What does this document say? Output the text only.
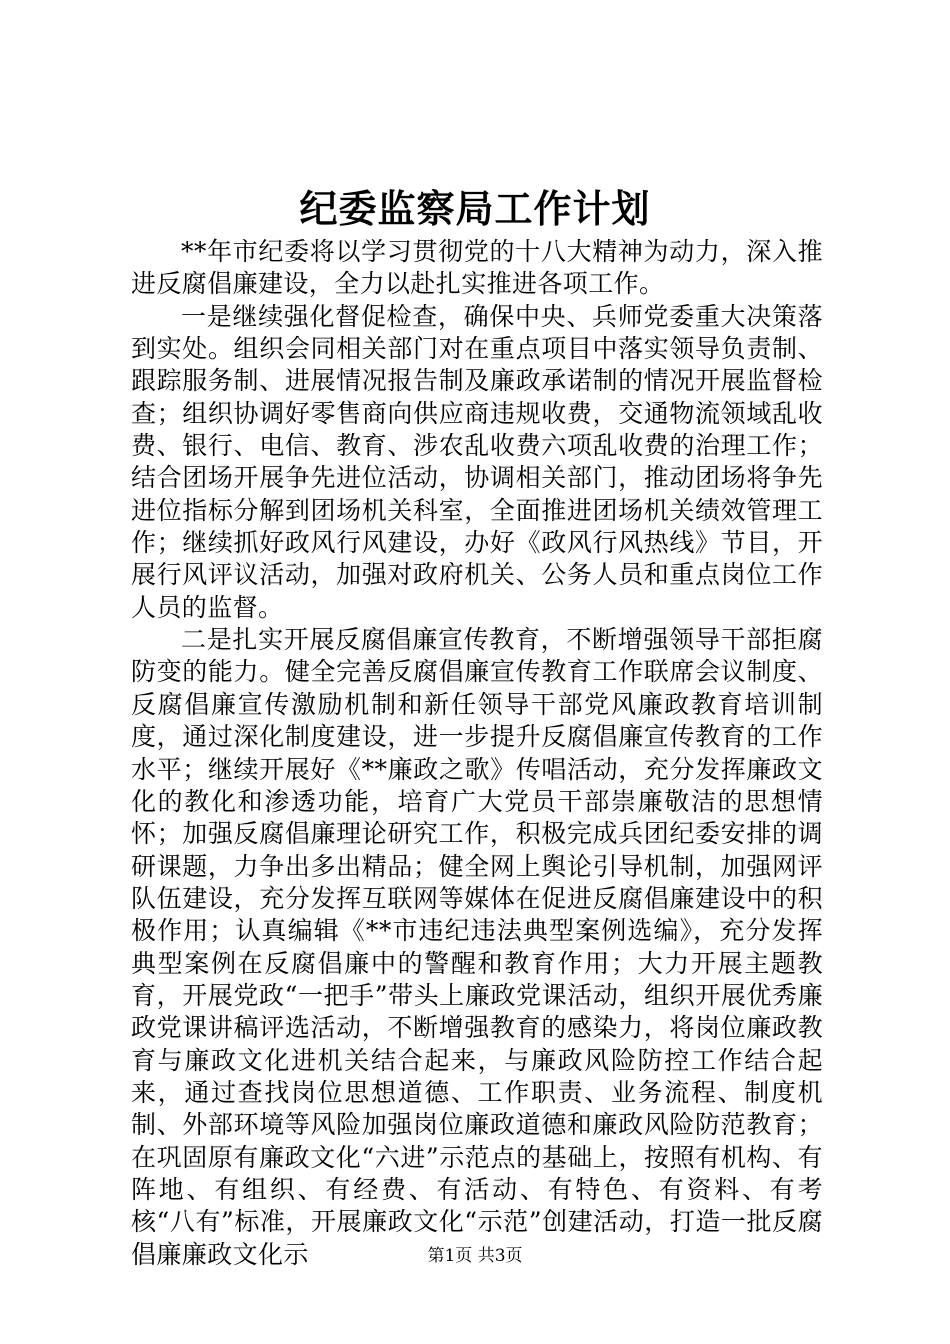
纪委监察局工作计划

**年市纪委将以学习贯彻党的十八大精神为动力，深入推进反腐倡廉建设，全力以赴扎实推进各项工作。

一是继续强化督促检查，确保中央、兵师党委重大决策落到实处。组织会同相关部门对在重点项目中落实领导负责制、跟踪服务制、进展情况报告制及廉政承诺制的情况开展监督检查；组织协调好零售商向供应商违规收费，交通物流领域乱收费、银行、电信、教育、涉农乱收费六项乱收费的治理工作；结合团场开展争先进位活动，协调相关部门，推动团场将争先进位指标分解到团场机关科室，全面推进团场机关绩效管理工作；继续抓好政风行风建设，办好《政风行风热线》节目，开展行风评议活动，加强对政府机关、公务人员和重点岗位工作人员的监督。

二是扎实开展反腐倡廉宣传教育，不断增强领导干部拒腐防变的能力。健全完善反腐倡廉宣传教育工作联席会议制度、反腐倡廉宣传激励机制和新任领导干部党风廉政教育培训制度，通过深化制度建设，进一步提升反腐倡廉宣传教育的工作水平；继续开展好《**廉政之歌》传唱活动，充分发挥廉政文化的教化和渗透功能，培育广大党员干部崇廉敬洁的思想情怀；加强反腐倡廉理论研究工作，积极完成兵团纪委安排的调研课题，力争出多出精品；健全网上舆论引导机制，加强网评队伍建设，充分发挥互联网等媒体在促进反腐倡廉建设中的积极作用；认真编辑《**市违纪违法典型案例选编》，充分发挥典型案例在反腐倡廉中的警醒和教育作用；大力开展主题教育，开展党政“一把手”带头上廉政党课活动，组织开展优秀廉政党课讲稿评选活动，不断增强教育的感染力，将岗位廉政教育与廉政文化进机关结合起来，与廉政风险防控工作结合起来，通过查找岗位思想道德、工作职责、业务流程、制度机制、外部环境等风险加强岗位廉政道德和廉政风险防范教育；在巩固原有廉政文化“六进”示范点的基础上，按照有机构、有阵地、有组织、有经费、有活动、有特色、有资料、有考核“八有”标准，开展廉政文化“示范”创建活动，打造一批反腐倡廉廉政文化示	第1页 共3页
